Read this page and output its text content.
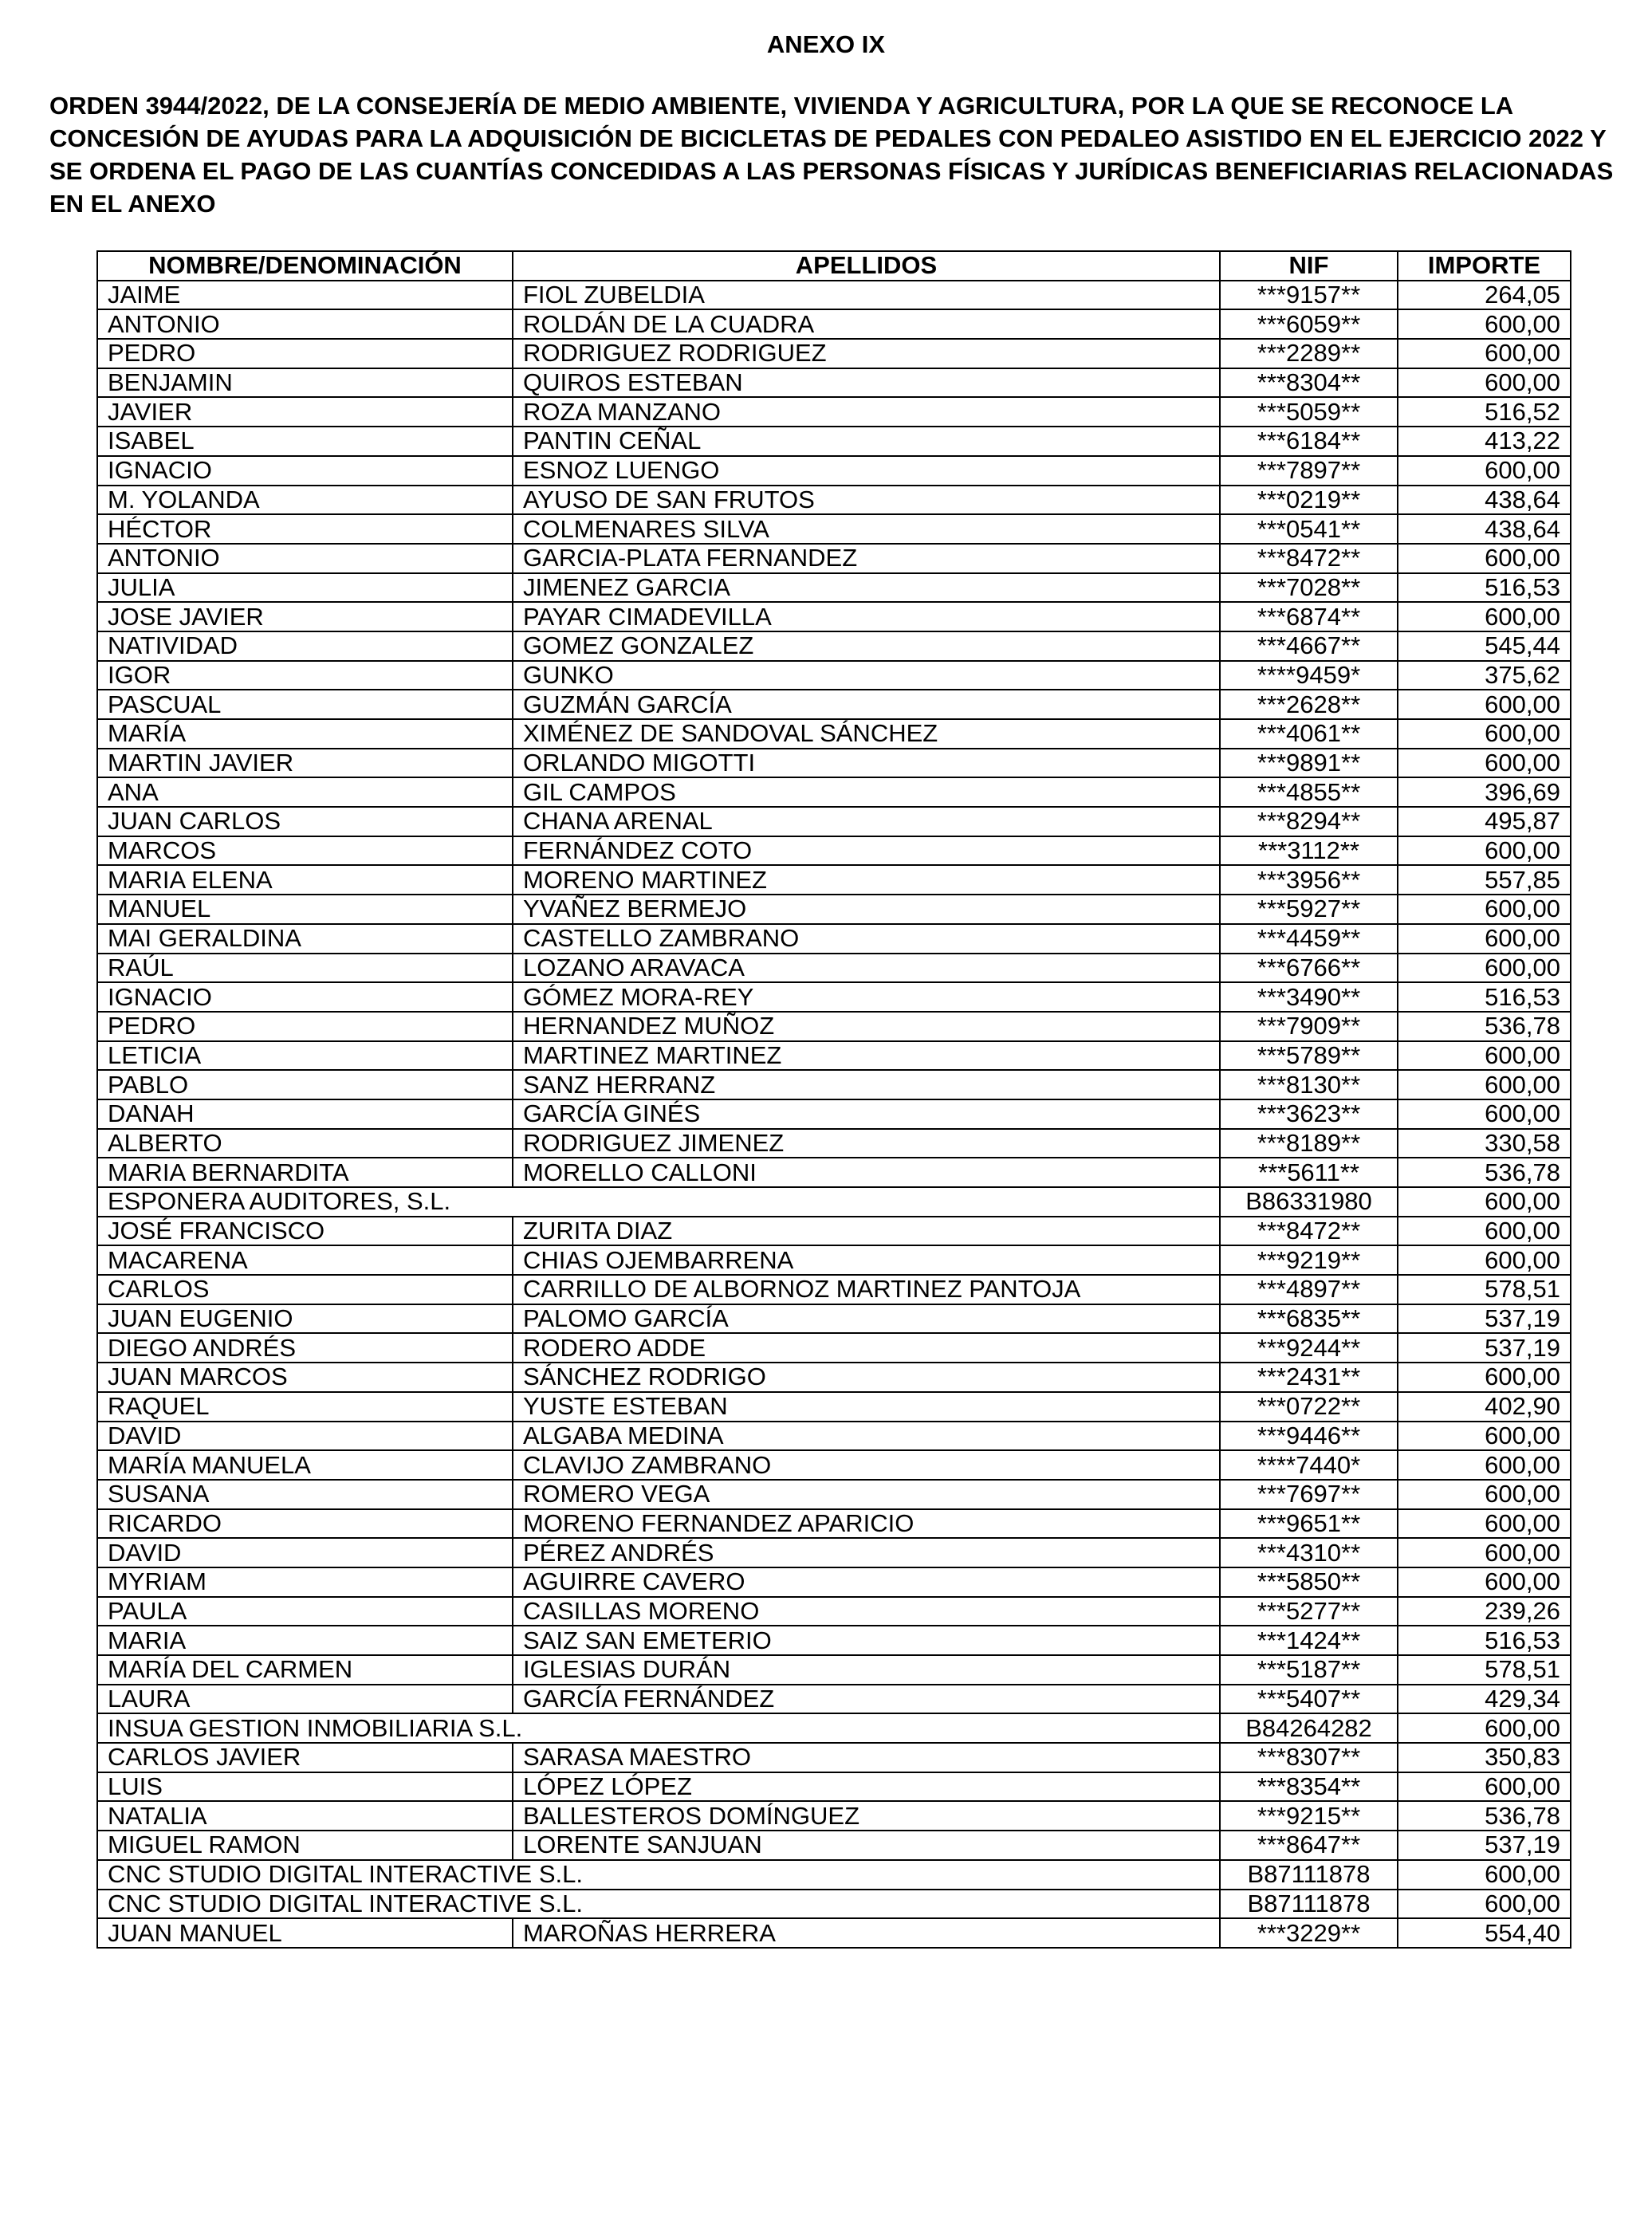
ANEXO IX
ORDEN 3944/2022, DE LA CONSEJERÍA DE MEDIO AMBIENTE, VIVIENDA Y AGRICULTURA, POR LA QUE SE RECONOCE LA CONCESIÓN DE AYUDAS PARA LA ADQUISICIÓN DE BICICLETAS DE PEDALES CON PEDALEO ASISTIDO EN EL EJERCICIO 2022 Y SE ORDENA EL PAGO DE LAS CUANTÍAS CONCEDIDAS A LAS PERSONAS FÍSICAS Y JURÍDICAS BENEFICIARIAS RELACIONADAS EN EL ANEXO
NOMBRE/DENOMINACIÓN	APELLIDOS	NIF	IMPORTE
JAIME	FIOL ZUBELDIA	***9157**	264,05
ANTONIO	ROLDÁN DE LA CUADRA	***6059**	600,00
PEDRO	RODRIGUEZ RODRIGUEZ	***2289**	600,00
BENJAMIN	QUIROS ESTEBAN	***8304**	600,00
JAVIER	ROZA MANZANO	***5059**	516,52
ISABEL	PANTIN CEÑAL	***6184**	413,22
IGNACIO	ESNOZ LUENGO	***7897**	600,00
M. YOLANDA	AYUSO DE SAN FRUTOS	***0219**	438,64
HÉCTOR	COLMENARES SILVA	***0541**	438,64
ANTONIO	GARCIA-PLATA FERNANDEZ	***8472**	600,00
JULIA	JIMENEZ GARCIA	***7028**	516,53
JOSE JAVIER	PAYAR CIMADEVILLA	***6874**	600,00
NATIVIDAD	GOMEZ GONZALEZ	***4667**	545,44
IGOR	GUNKO	****9459*	375,62
PASCUAL	GUZMÁN GARCÍA	***2628**	600,00
MARÍA	XIMÉNEZ DE SANDOVAL SÁNCHEZ	***4061**	600,00
MARTIN JAVIER	ORLANDO MIGOTTI	***9891**	600,00
ANA	GIL CAMPOS	***4855**	396,69
JUAN CARLOS	CHANA ARENAL	***8294**	495,87
MARCOS	FERNÁNDEZ COTO	***3112**	600,00
MARIA ELENA	MORENO MARTINEZ	***3956**	557,85
MANUEL	YVAÑEZ BERMEJO	***5927**	600,00
MAI GERALDINA	CASTELLO ZAMBRANO	***4459**	600,00
RAÚL	LOZANO ARAVACA	***6766**	600,00
IGNACIO	GÓMEZ MORA-REY	***3490**	516,53
PEDRO	HERNANDEZ MUÑOZ	***7909**	536,78
LETICIA	MARTINEZ MARTINEZ	***5789**	600,00
PABLO	SANZ HERRANZ	***8130**	600,00
DANAH	GARCÍA GINÉS	***3623**	600,00
ALBERTO	RODRIGUEZ JIMENEZ	***8189**	330,58
MARIA BERNARDITA	MORELLO CALLONI	***5611**	536,78
ESPONERA AUDITORES, S.L.		B86331980	600,00
JOSÉ FRANCISCO	ZURITA DIAZ	***8472**	600,00
MACARENA	CHIAS OJEMBARRENA	***9219**	600,00
CARLOS	CARRILLO DE ALBORNOZ MARTINEZ PANTOJA	***4897**	578,51
JUAN EUGENIO	PALOMO GARCÍA	***6835**	537,19
DIEGO ANDRÉS	RODERO ADDE	***9244**	537,19
JUAN MARCOS	SÁNCHEZ RODRIGO	***2431**	600,00
RAQUEL	YUSTE ESTEBAN	***0722**	402,90
DAVID	ALGABA MEDINA	***9446**	600,00
MARÍA MANUELA	CLAVIJO ZAMBRANO	****7440*	600,00
SUSANA	ROMERO VEGA	***7697**	600,00
RICARDO	MORENO FERNANDEZ APARICIO	***9651**	600,00
DAVID	PÉREZ ANDRÉS	***4310**	600,00
MYRIAM	AGUIRRE CAVERO	***5850**	600,00
PAULA	CASILLAS MORENO	***5277**	239,26
MARIA	SAIZ SAN EMETERIO	***1424**	516,53
MARÍA DEL CARMEN	IGLESIAS DURÁN	***5187**	578,51
LAURA	GARCÍA FERNÁNDEZ	***5407**	429,34
INSUA GESTION INMOBILIARIA S.L.		B84264282	600,00
CARLOS JAVIER	SARASA MAESTRO	***8307**	350,83
LUIS	LÓPEZ LÓPEZ	***8354**	600,00
NATALIA	BALLESTEROS DOMÍNGUEZ	***9215**	536,78
MIGUEL RAMON	LORENTE SANJUAN	***8647**	537,19
CNC STUDIO DIGITAL INTERACTIVE S.L.		B87111878	600,00
CNC STUDIO DIGITAL INTERACTIVE S.L.		B87111878	600,00
JUAN MANUEL	MAROÑAS HERRERA	***3229**	554,40
